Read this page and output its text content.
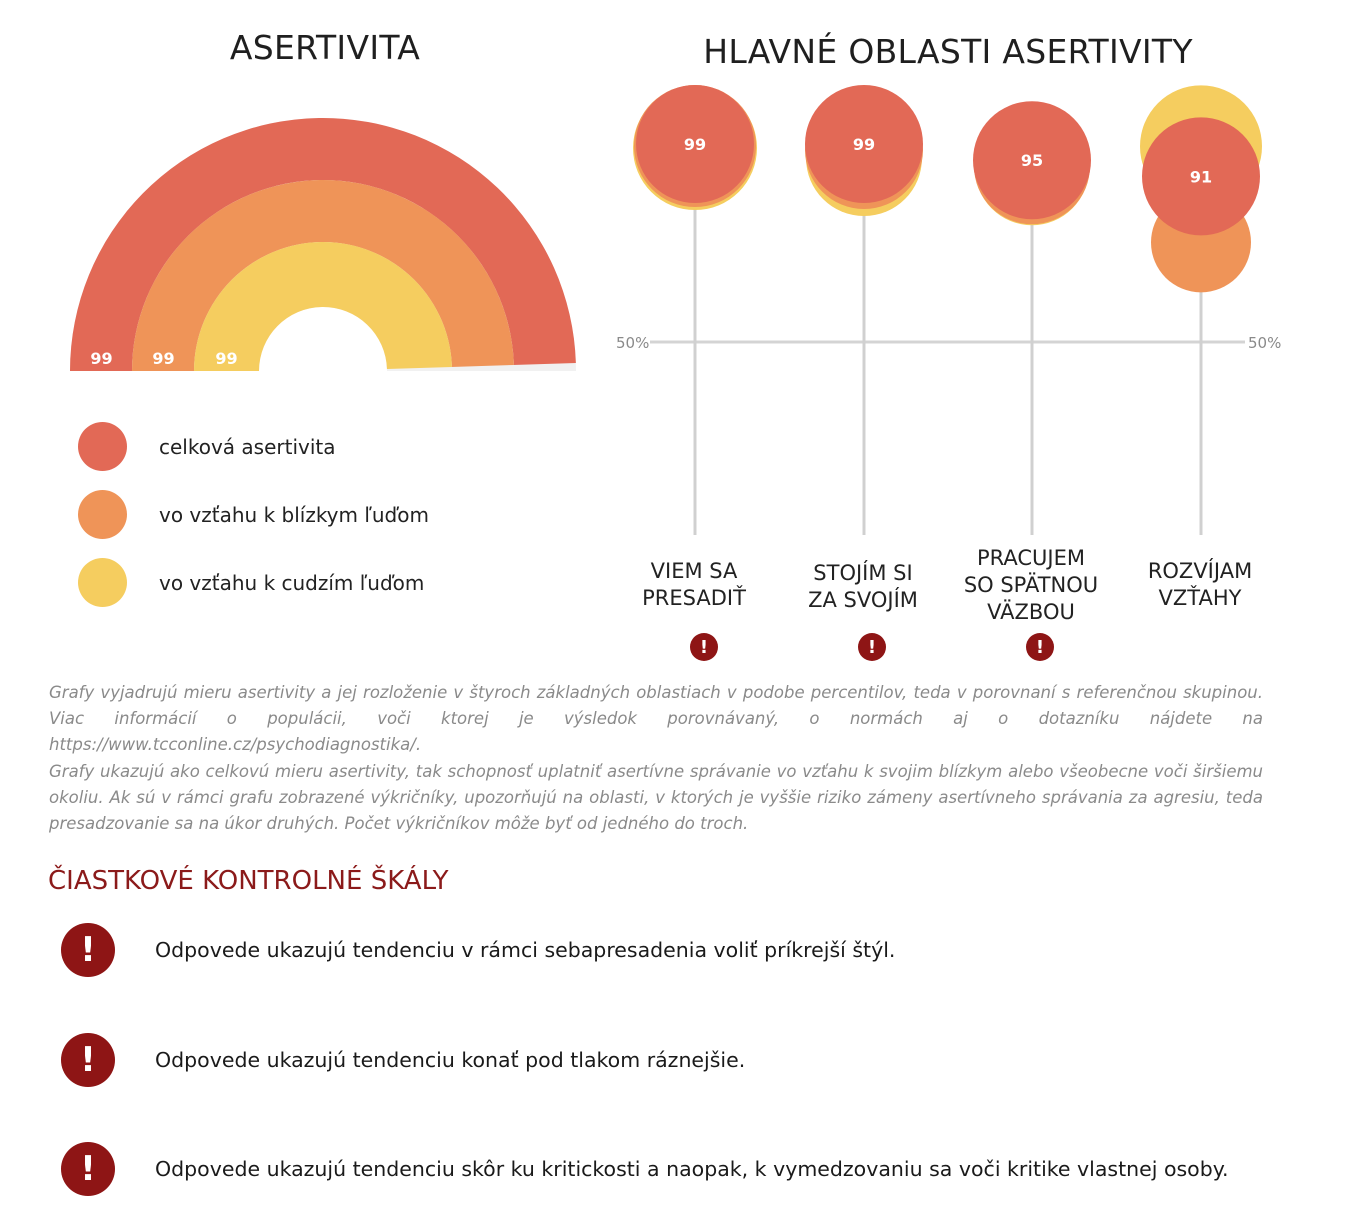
ASERTIVITA
99 99	99
celková asertivita
vo vzťahu k blízkym ľuďom
vo vzťahu k cudzím ľuďom
HLAVNÉ OBLASTI ASERTIVITY
50%	50%
99	99
95
91
VIEM SA
PRESADIŤ
STOJÍM SI
ZA SVOJÍM
PRACUJEM
SO SPÄTNOU
VÄZBOU
ROZVÍJAM
VZŤAHY
!	!	!
Grafy vyjadrujú mieru asertivity a jej rozloženie v štyroch základných oblastiach v podobe percentilov, teda v porovnaní s referenčnou skupinou. Viac informácií o populácii, voči ktorej je výsledok porovnávaný, o normách aj o dotazníku nájdete na https://www.tcconline.cz/psychodiagnostika/.
Grafy ukazujú ako celkovú mieru asertivity, tak schopnosť uplatniť asertívne správanie vo vzťahu k svojim blízkym alebo všeobecne voči širšiemu okoliu. Ak sú v rámci grafu zobrazené výkričníky, upozorňujú na oblasti, v ktorých je vyššie riziko zámeny asertívneho správania za agresiu, teda presadzovanie sa na úkor druhých. Počet výkričníkov môže byť od jedného do troch.
ČIASTKOVÉ KONTROLNÉ ŠKÁLY
!	Odpovede ukazujú tendenciu v rámci sebapresadenia voliť príkrejší štýl.
!	Odpovede ukazujú tendenciu konať pod tlakom ráznejšie.
!	Odpovede ukazujú tendenciu skôr ku kritickosti a naopak, k vymedzovaniu sa voči kritike vlastnej osoby.
